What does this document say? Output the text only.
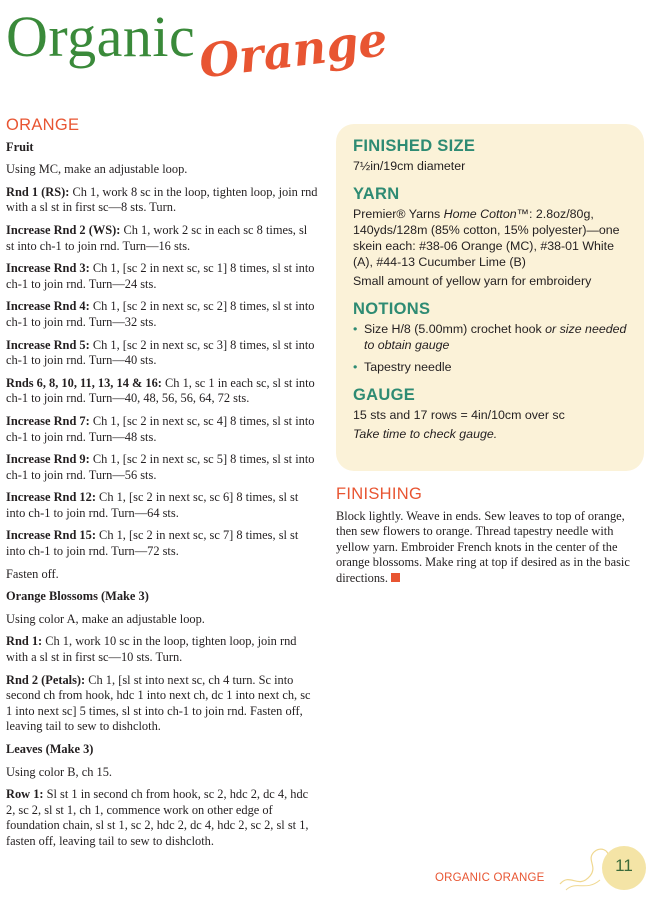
Organic Orange
ORANGE
Fruit

Using MC, make an adjustable loop.

Rnd 1 (RS): Ch 1, work 8 sc in the loop, tighten loop, join rnd with a sl st in first sc—8 sts. Turn.

Increase Rnd 2 (WS): Ch 1, work 2 sc in each sc 8 times, sl st into ch-1 to join rnd. Turn—16 sts.

Increase Rnd 3: Ch 1, [sc 2 in next sc, sc 1] 8 times, sl st into ch-1 to join rnd. Turn—24 sts.

Increase Rnd 4: Ch 1, [sc 2 in next sc, sc 2] 8 times, sl st into ch-1 to join rnd. Turn—32 sts.

Increase Rnd 5: Ch 1, [sc 2 in next sc, sc 3] 8 times, sl st into ch-1 to join rnd. Turn—40 sts.

Rnds 6, 8, 10, 11, 13, 14 & 16: Ch 1, sc 1 in each sc, sl st into ch-1 to join rnd. Turn—40, 48, 56, 56, 64, 72 sts.

Increase Rnd 7: Ch 1, [sc 2 in next sc, sc 4] 8 times, sl st into ch-1 to join rnd. Turn—48 sts.

Increase Rnd 9: Ch 1, [sc 2 in next sc, sc 5] 8 times, sl st into ch-1 to join rnd. Turn—56 sts.

Increase Rnd 12: Ch 1, [sc 2 in next sc, sc 6] 8 times, sl st into ch-1 to join rnd. Turn—64 sts.

Increase Rnd 15: Ch 1, [sc 2 in next sc, sc 7] 8 times, sl st into ch-1 to join rnd. Turn—72 sts.

Fasten off.

Orange Blossoms (Make 3)

Using color A, make an adjustable loop.

Rnd 1: Ch 1, work 10 sc in the loop, tighten loop, join rnd with a sl st in first sc—10 sts. Turn.

Rnd 2 (Petals): Ch 1, [sl st into next sc, ch 4 turn. Sc into second ch from hook, hdc 1 into next ch, dc 1 into next ch, sc 1 into next sc] 5 times, sl st into ch-1 to join rnd. Fasten off, leaving tail to sew to dishcloth.

Leaves (Make 3)

Using color B, ch 15.

Row 1: Sl st 1 in second ch from hook, sc 2, hdc 2, dc 4, hdc 2, sc 2, sl st 1, ch 1, commence work on other edge of foundation chain, sl st 1, sc 2, hdc 2, dc 4, hdc 2, sc 2, sl st 1, fasten off, leaving tail to sew to dishcloth.

FINISHED SIZE

7½in/19cm diameter

YARN

Premier® Yarns Home Cotton™: 2.8oz/80g, 140yds/128m (85% cotton, 15% polyester)—one skein each: #38-06 Orange (MC), #38-01 White (A), #44-13 Cucumber Lime (B)

Small amount of yellow yarn for embroidery

NOTIONS
• Size H/8 (5.00mm) crochet hook or size needed to obtain gauge
• Tapestry needle
GAUGE

15 sts and 17 rows = 4in/10cm over sc

Take time to check gauge.

FINISHING

Block lightly. Weave in ends. Sew leaves to top of orange, then sew flowers to orange. Thread tapestry needle with yellow yarn. Embroider French knots in the center of the orange blossoms. Make ring at top if desired as in the basic directions.

11
ORGANIC ORANGE
